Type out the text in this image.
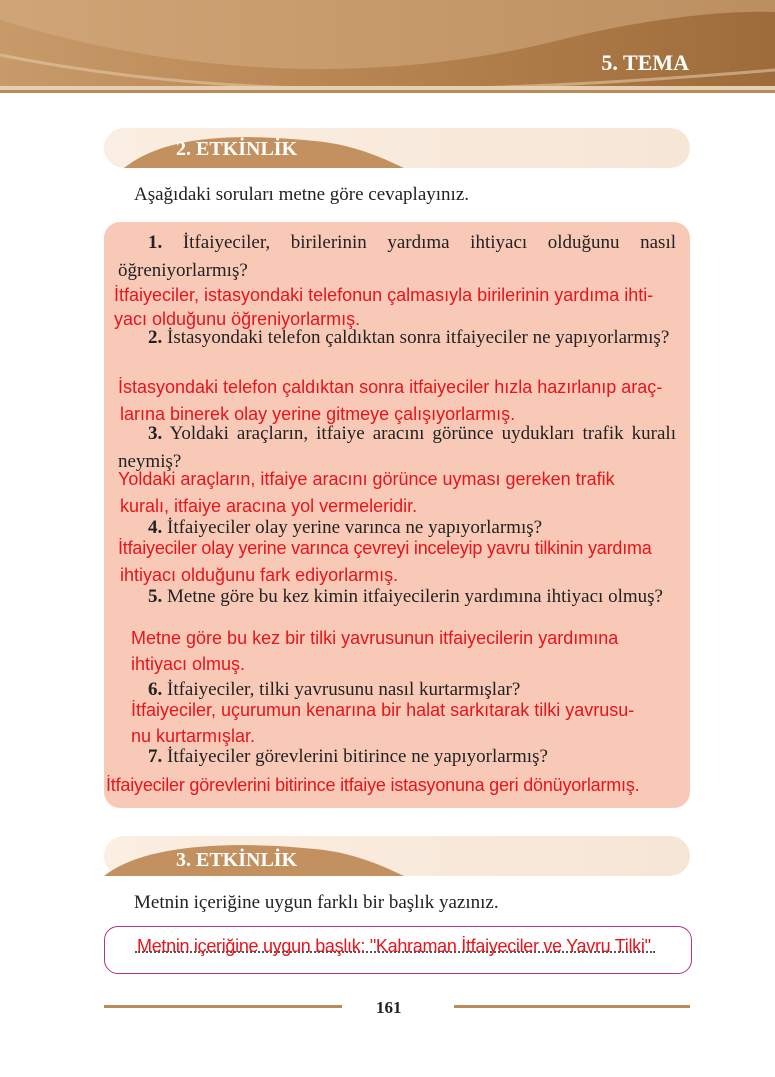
5. TEMA
2. ETKİNLİK
Aşağıdaki soruları metne göre cevaplayınız.
1. İtfaiyeciler, birilerinin yardıma ihtiyacı olduğunu nasıl öğreniyorlarmış?
İtfaiyeciler, istasyondaki telefonun çalmasıyla birilerinin yardıma ihti-
yacı olduğunu öğreniyorlarmış.
2. İstasyondaki telefon çaldıktan sonra itfaiyeciler ne yapıyorlarmış?
İstasyondaki telefon çaldıktan sonra itfaiyeciler hızla hazırlanıp araç-
larına binerek olay yerine gitmeye çalışıyorlarmış.
3. Yoldaki araçların, itfaiye aracını görünce uydukları trafik kuralı neymiş?
Yoldaki araçların, itfaiye aracını görünce uyması gereken trafik
kuralı, itfaiye aracına yol vermeleridir.
4. İtfaiyeciler olay yerine varınca ne yapıyorlarmış?
İtfaiyeciler olay yerine varınca çevreyi inceleyip yavru tilkinin yardıma
ihtiyacı olduğunu fark ediyorlarmış.
5. Metne göre bu kez kimin itfaiyecilerin yardımına ihtiyacı olmuş?
Metne göre bu kez bir tilki yavrusunun itfaiyecilerin yardımına
ihtiyacı olmuş.
6. İtfaiyeciler, tilki yavrusunu nasıl kurtarmışlar?
İtfaiyeciler, uçurumun kenarına bir halat sarkıtarak tilki yavrusu-
nu kurtarmışlar.
7. İtfaiyeciler görevlerini bitirince ne yapıyorlarmış?
İtfaiyeciler görevlerini bitirince itfaiye istasyonuna geri dönüyorlarmış.
3. ETKİNLİK
Metnin içeriğine uygun farklı bir başlık yazınız.
Metnin içeriğine uygun başlık: "Kahraman İtfaiyeciler ve Yavru Tilki"
161
